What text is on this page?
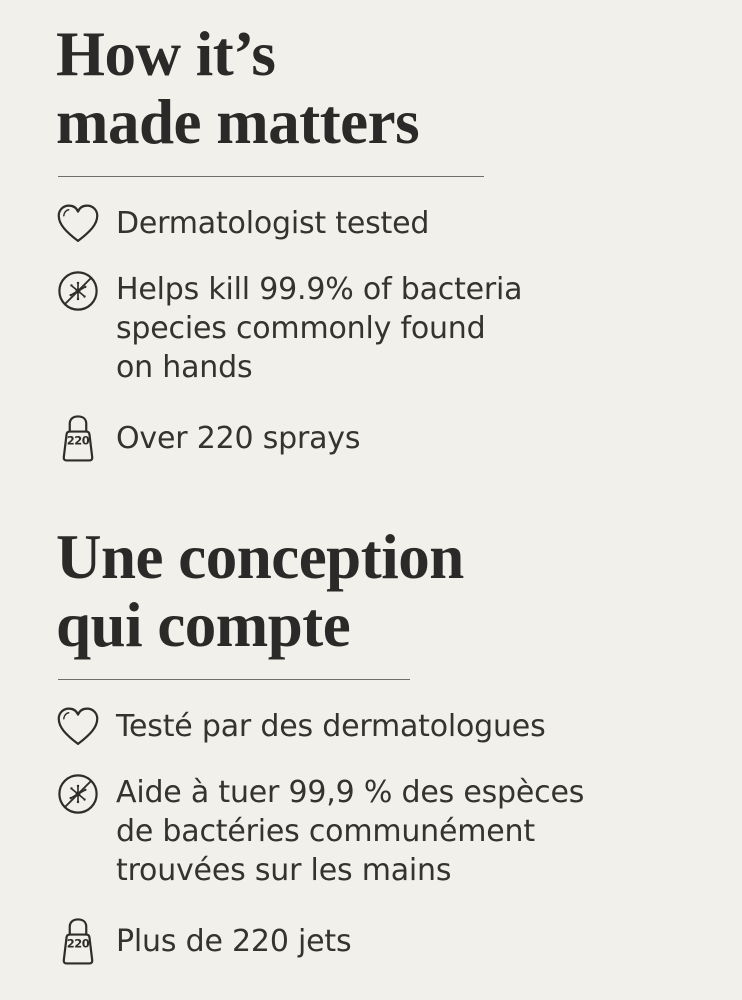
How it’s
made matters
Dermatologist tested
Helps kill 99.9% of bacteria
species commonly found
on hands
220 Over 220 sprays
Une conception
qui compte
Testé par des dermatologues
Aide à tuer 99,9 % des espèces
de bactéries communément
trouvées sur les mains
220 Plus de 220 jets
